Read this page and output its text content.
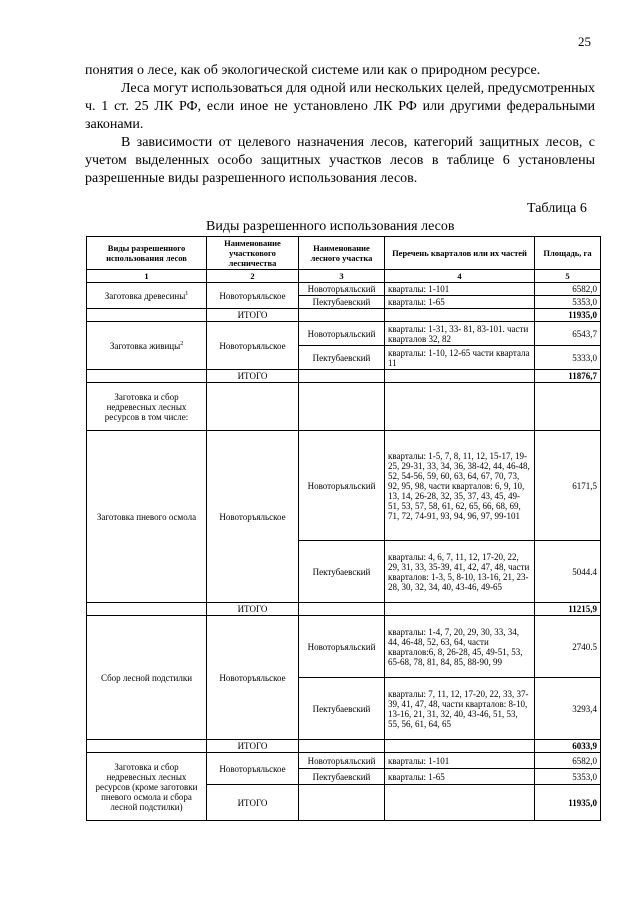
25

понятия о лесе, как об экологической системе или как о природном ресурсе.

Леса могут использоваться для одной или нескольких целей, предусмотренных ч. 1 ст. 25 ЛК РФ, если иное не установлено ЛК РФ или другими федеральными законами.

В зависимости от целевого назначения лесов, категорий защитных лесов, с учетом выделенных особо защитных участков лесов в таблице 6 установлены разрешенные виды разрешенного использования лесов.

Таблица 6
Виды разрешенного использования лесов
Виды разрешенного использования лесов	Наименование участкового лесничества	Наименование лесного участка	Перечень кварталов или их частей	Площадь, га
1	2	3	4	5
Заготовка древесины$^1$	Новоторъяльское	Новоторъяльский	кварталы: 1-101	6582,0
		Пектубаевский	кварталы: 1-65	5353,0
	ИТОГО			11935,0
Заготовка живицы$^2$	Новоторъяльское	Новоторъяльский	кварталы: 1-31, 33- 81, 83-101. части кварталов 32, 82	6543,7
		Пектубаевский	кварталы: 1-10, 12-65 части квартала 11	5333,0
	ИТОГО			11876,7
Заготовка и сбор недревесных лесных ресурсов в том числе:				
Заготовка пневого осмола	Новоторъяльское	Новоторъяльский	кварталы: 1-5, 7, 8, 11, 12, 15-17, 19-25, 29-31, 33, 34, 36, 38-42, 44, 46-48, 52, 54-56, 59, 60, 63, 64, 67, 70, 73, 92, 95, 98, части кварталов: 6, 9, 10, 13, 14, 26-28, 32, 35, 37, 43, 45, 49-51, 53, 57, 58, 61, 62, 65, 66, 68, 69, 71, 72, 74-91, 93, 94, 96, 97, 99-101	6171,5
		Пектубаевский	кварталы: 4, 6, 7, 11, 12, 17-20, 22, 29, 31, 33, 35-39, 41, 42, 47, 48, части кварталов: 1-3, 5, 8-10, 13-16, 21, 23-28, 30, 32, 34, 40, 43-46, 49-65	5044.4
	ИТОГО			11215,9
Сбор лесной подстилки	Новоторъяльское	Новоторъяльский	кварталы: 1-4, 7, 20, 29, 30, 33, 34, 44, 46-48, 52, 63, 64, части кварталов:6, 8, 26-28, 45, 49-51, 53, 65-68, 78, 81, 84, 85, 88-90, 99	2740.5
		Пектубаевский	кварталы: 7, 11, 12, 17-20, 22, 33, 37-39, 41, 47, 48, части кварталов: 8-10, 13-16, 21, 31, 32, 40, 43-46, 51, 53, 55, 56, 61, 64, 65	3293,4
	ИТОГО			6033,9
Заготовка и сбор недревесных лесных ресурсов (кроме заготовки пневого осмола и сбора лесной подстилки)	Новоторъяльское	Новоторъяльский	кварталы: 1-101	6582,0
		Пектубаевский	кварталы: 1-65	5353,0
	ИТОГО			11935,0
